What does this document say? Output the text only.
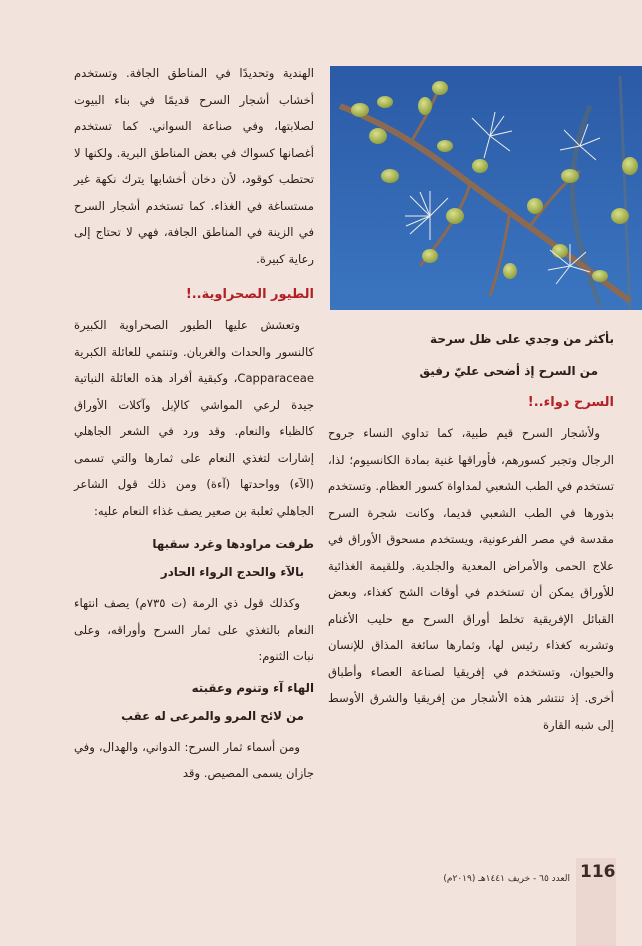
بأكثر من وجدي على ظل سرحة

من السرح إذ أضحى عليّ رفيق

السرح دواء..!

ولأشجار السرح قيم طبية، كما تداوي النساء جروح الرجال وتجبر كسورهم، فأوراقها غنية بمادة الكانسيوم؛ لذا، تستخدم في الطب الشعبي لمداواة كسور العظام. وتستخدم بذورها في الطب الشعبي قديما، وكانت شجرة السرح مقدسة في مصر الفرعونية، ويستخدم مسحوق الأوراق في علاج الحمى والأمراض المعدية والجلدية. وللقيمة الغذائية للأوراق يمكن أن تستخدم في أوقات الشح كغذاء، وبعض القبائل الإفريقية تخلط أوراق السرح مع حليب الأغنام وتشربه كغذاء رئيس لها، وثمارها سائغة المذاق للإنسان والحيوان، وتستخدم في إفريقيا لصناعة العصاء وأطباق أخرى. إذ تنتشر هذه الأشجار من إفريقيا والشرق الأوسط إلى شبه القارة

الهندية وتحديدًا في المناطق الجافة. وتستخدم أخشاب أشجار السرح قديمًا في بناء البيوت لصلابتها، وفي صناعة السواني. كما تستخدم أغصانها كسواك في بعض المناطق البرية. ولكنها لا تحتطب كوقود، لأن دخان أخشابها يترك نكهة غير مستساغة في الغذاء. كما تستخدم أشجار السرح في الزينة في المناطق الجافة، فهي لا تحتاج إلى رعاية كبيرة.

الطيور الصحراوية..!

وتعشش عليها الطيور الصحراوية الكبيرة كالنسور والحدات والغربان. وتنتمي للعائلة الكبرية Capparaceae، وكبقية أفراد هذه العائلة النباتية جيدة لرعي المواشي كالإبل وآكلات الأوراق كالظباء والنعام. وقد ورد في الشعر الجاهلي إشارات لتغذي النعام على ثمارها والتي تسمى (الآء) وواحدتها (آءة) ومن ذلك قول الشاعر الجاهلي ثعلبة بن صعير يصف غذاء النعام عليه:

طرفت مراودها وغرد سقبها

بالآء والحدج الرواء الحادر

وكذلك قول ذي الرمة (ت ٧٣٥م) يصف انتهاء النعام بالتغذي على ثمار السرح وأوراقه، وعلى نبات الثنوم:

الهاء آء وتنوم وعقبته

من لائح المرو والمرعى له عقب

ومن أسماء ثمار السرح: الدواني، والهدال، وفي جازان يسمى المصيص. وقد

116
العدد ٦٥ - خريف ١٤٤١هـ (٢٠١٩م)
